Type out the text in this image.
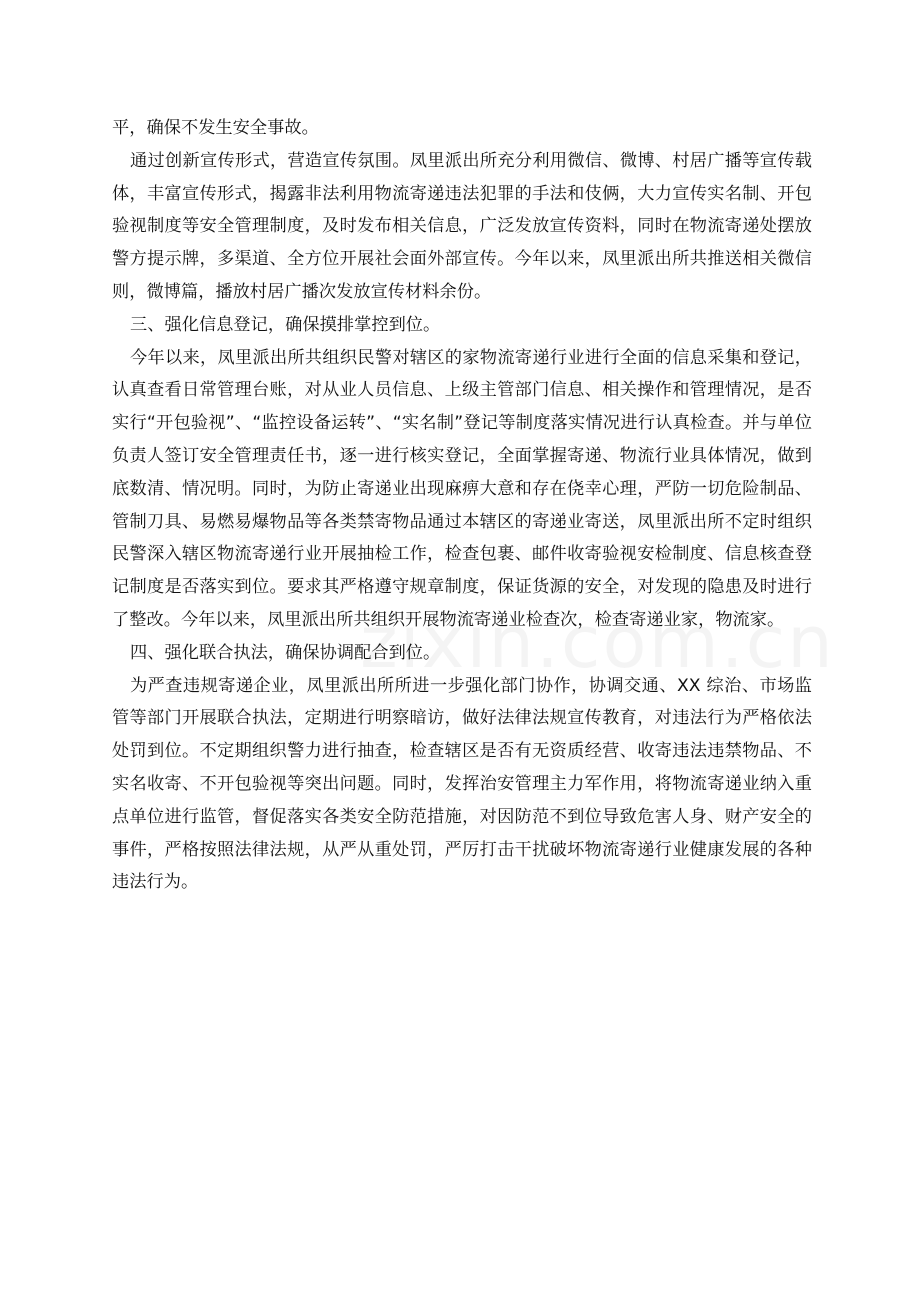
平，确保不发生安全事故。

通过创新宣传形式，营造宣传氛围。凤里派出所充分利用微信、微博、村居广播等宣传载体，丰富宣传形式，揭露非法利用物流寄递违法犯罪的手法和伎俩，大力宣传实名制、开包验视制度等安全管理制度，及时发布相关信息，广泛发放宣传资料，同时在物流寄递处摆放警方提示牌，多渠道、全方位开展社会面外部宣传。今年以来，凤里派出所共推送相关微信则，微博篇，播放村居广播次发放宣传材料余份。

三、强化信息登记，确保摸排掌控到位。

今年以来，凤里派出所共组织民警对辖区的家物流寄递行业进行全面的信息采集和登记，认真查看日常管理台账，对从业人员信息、上级主管部门信息、相关操作和管理情况，是否实行“开包验视”、“监控设备运转”、“实名制”登记等制度落实情况进行认真检查。并与单位负责人签订安全管理责任书，逐一进行核实登记，全面掌握寄递、物流行业具体情况，做到底数清、情况明。同时，为防止寄递业出现麻痹大意和存在侥幸心理，严防一切危险制品、管制刀具、易燃易爆物品等各类禁寄物品通过本辖区的寄递业寄送，凤里派出所不定时组织民警深入辖区物流寄递行业开展抽检工作，检查包裹、邮件收寄验视安检制度、信息核查登记制度是否落实到位。要求其严格遵守规章制度，保证货源的安全，对发现的隐患及时进行了整改。今年以来，凤里派出所共组织开展物流寄递业检查次，检查寄递业家，物流家。

四、强化联合执法，确保协调配合到位。

为严查违规寄递企业，凤里派出所所进一步强化部门协作，协调交通、XX 综治、市场监管等部门开展联合执法，定期进行明察暗访，做好法律法规宣传教育，对违法行为严格依法处罚到位。不定期组织警力进行抽查，检查辖区是否有无资质经营、收寄违法违禁物品、不实名收寄、不开包验视等突出问题。同时，发挥治安管理主力军作用，将物流寄递业纳入重点单位进行监管，督促落实各类安全防范措施，对因防范不到位导致危害人身、财产安全的事件，严格按照法律法规，从严从重处罚，严厉打击干扰破坏物流寄递行业健康发展的各种违法行为。
